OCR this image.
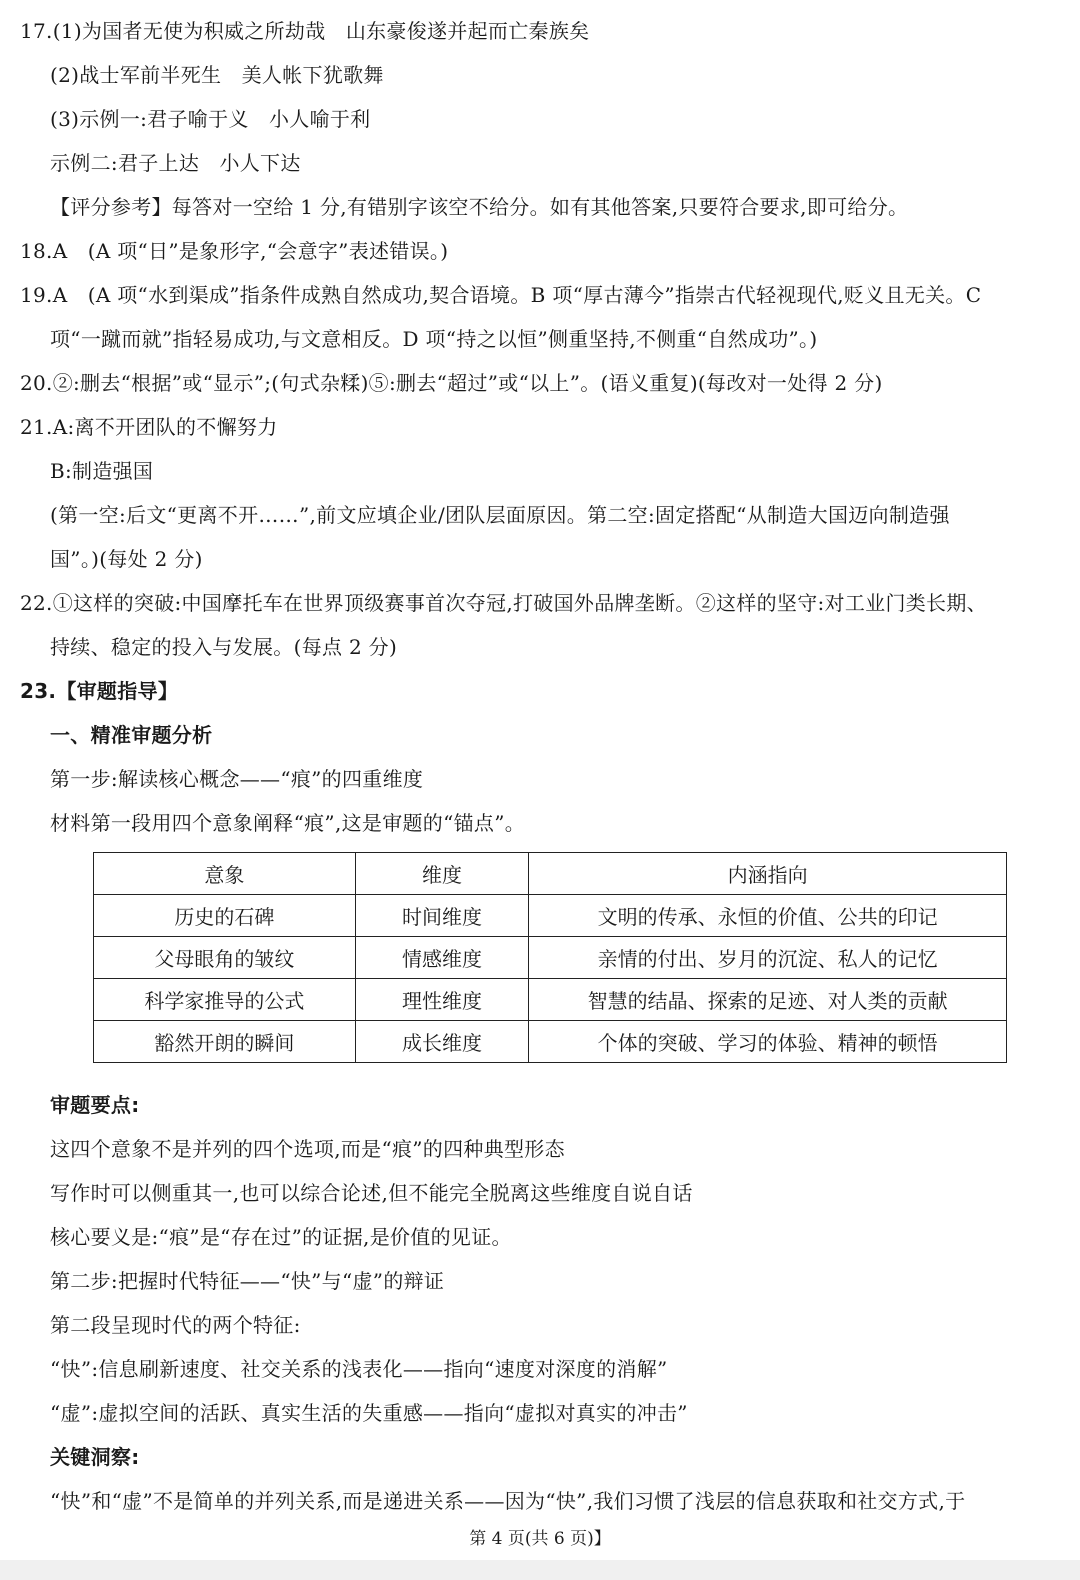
17.(1)为国者无使为积威之所劫哉　山东豪俊遂并起而亡秦族矣
(2)战士军前半死生　美人帐下犹歌舞
(3)示例一:君子喻于义　小人喻于利
示例二:君子上达　小人下达
【评分参考】每答对一空给 1 分,有错别字该空不给分。如有其他答案,只要符合要求,即可给分。
18.A　(A 项“日”是象形字,“会意字”表述错误。)
19.A　(A 项“水到渠成”指条件成熟自然成功,契合语境。B 项“厚古薄今”指崇古代轻视现代,贬义且无关。C
项“一蹴而就”指轻易成功,与文意相反。D 项“持之以恒”侧重坚持,不侧重“自然成功”。)
20.②:删去“根据”或“显示”;(句式杂糅)⑤:删去“超过”或“以上”。(语义重复)(每改对一处得 2 分)
21.A:离不开团队的不懈努力
B:制造强国
(第一空:后文“更离不开……”,前文应填企业/团队层面原因。第二空:固定搭配“从制造大国迈向制造强
国”。)(每处 2 分)
22.①这样的突破:中国摩托车在世界顶级赛事首次夺冠,打破国外品牌垄断。②这样的坚守:对工业门类长期、
持续、稳定的投入与发展。(每点 2 分)
23.【审题指导】
一、精准审题分析
第一步:解读核心概念——“痕”的四重维度
材料第一段用四个意象阐释“痕”,这是审题的“锚点”。
意象	维度	内涵指向
历史的石碑	时间维度	文明的传承、永恒的价值、公共的印记
父母眼角的皱纹	情感维度	亲情的付出、岁月的沉淀、私人的记忆
科学家推导的公式	理性维度	智慧的结晶、探索的足迹、对人类的贡献
豁然开朗的瞬间	成长维度	个体的突破、学习的体验、精神的顿悟
审题要点:
这四个意象不是并列的四个选项,而是“痕”的四种典型形态
写作时可以侧重其一,也可以综合论述,但不能完全脱离这些维度自说自话
核心要义是:“痕”是“存在过”的证据,是价值的见证。
第二步:把握时代特征——“快”与“虚”的辩证
第二段呈现时代的两个特征:
“快”:信息刷新速度、社交关系的浅表化——指向“速度对深度的消解”
“虚”:虚拟空间的活跃、真实生活的失重感——指向“虚拟对真实的冲击”
关键洞察:
“快”和“虚”不是简单的并列关系,而是递进关系——因为“快”,我们习惯了浅层的信息获取和社交方式,于
第 4 页(共 6 页)】
